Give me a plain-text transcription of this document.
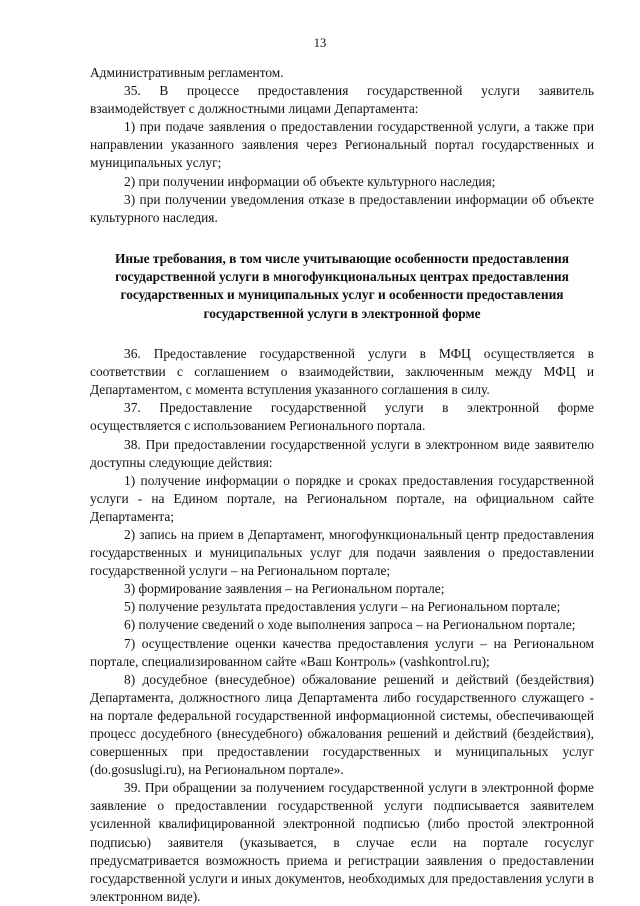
13

Административным регламентом.

35. В процессе предоставления государственной услуги заявитель взаимодействует с должностными лицами Департамента:

1) при подаче заявления о предоставлении государственной услуги, а также при направлении указанного заявления через Региональный портал государственных и муниципальных услуг;

2) при получении информации об объекте культурного наследия;

3) при получении уведомления отказе в предоставлении информации об объекте культурного наследия.

Иные требования, в том числе учитывающие особенности предоставления государственной услуги в многофункциональных центрах предоставления государственных и муниципальных услуг и особенности предоставления государственной услуги в электронной форме

36. Предоставление государственной услуги в МФЦ осуществляется в соответствии с соглашением о взаимодействии, заключенным между МФЦ и Департаментом, с момента вступления указанного соглашения в силу.

37. Предоставление государственной услуги в электронной форме осуществляется с использованием Регионального портала.

38. При предоставлении государственной услуги в электронном виде заявителю доступны следующие действия:

1) получение информации о порядке и сроках предоставления государственной услуги - на Едином портале, на Региональном портале, на официальном сайте Департамента;

2) запись на прием в Департамент, многофункциональный центр предоставления государственных и муниципальных услуг для подачи заявления о предоставлении государственной услуги – на Региональном портале;

3) формирование заявления – на Региональном портале;

5) получение результата предоставления услуги – на Региональном портале;

6) получение сведений о ходе выполнения запроса – на Региональном портале;

7) осуществление оценки качества предоставления услуги – на Региональном портале, специализированном сайте «Ваш Контроль» (vashkontrol.ru);

8) досудебное (внесудебное) обжалование решений и действий (бездействия) Департамента, должностного лица Департамента либо государственного служащего - на портале федеральной государственной информационной системы, обеспечивающей процесс досудебного (внесудебного) обжалования решений и действий (бездействия), совершенных при предоставлении государственных и муниципальных услуг (do.gosuslugi.ru), на Региональном портале».

39. При обращении за получением государственной услуги в электронной форме заявление о предоставлении государственной услуги подписывается заявителем усиленной квалифицированной электронной подписью (либо простой электронной подписью) заявителя (указывается, в случае если на портале госуслуг предусматривается возможность приема и регистрации заявления о предоставлении государственной услуги и иных документов, необходимых для предоставления услуги в электронном виде).
